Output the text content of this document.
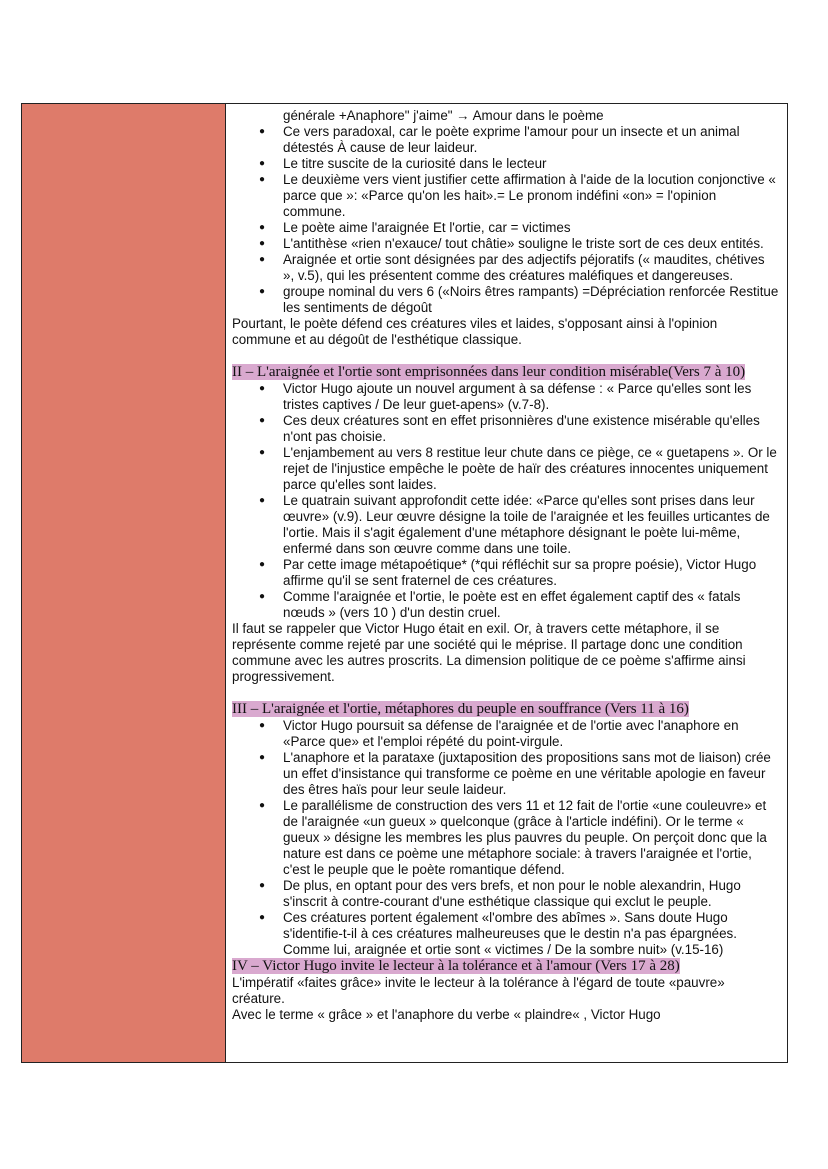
générale +Anaphore" j'aime" → Amour dans le poème
● Ce vers paradoxal, car le poète exprime l'amour pour un insecte et un animal détestés À cause de leur laideur.
● Le titre suscite de la curiosité dans le lecteur
● Le deuxième vers vient justifier cette affirmation à l'aide de la locution conjonctive « parce que »: «Parce qu'on les hait».= Le pronom indéfini «on» = l'opinion commune.
● Le poète aime l'araignée Et l'ortie, car = victimes
● L'antithèse «rien n'exauce/ tout châtie» souligne le triste sort de ces deux entités.
● Araignée et ortie sont désignées par des adjectifs péjoratifs (« maudites, chétives », v.5), qui les présentent comme des créatures maléfiques et dangereuses.
● groupe nominal du vers 6 («Noirs êtres rampants) =Dépréciation renforcée Restitue les sentiments de dégoût

Pourtant, le poète défend ces créatures viles et laides, s'opposant ainsi à l'opinion commune et au dégoût de l'esthétique classique.

II – L'araignée et l'ortie sont emprisonnées dans leur condition misérable(Vers 7 à 10)

● Victor Hugo ajoute un nouvel argument à sa défense : « Parce qu'elles sont les tristes captives / De leur guet-apens» (v.7-8).
● Ces deux créatures sont en effet prisonnières d'une existence misérable qu'elles n'ont pas choisie.
● L'enjambement au vers 8 restitue leur chute dans ce piège, ce « guetapens ». Or le rejet de l'injustice empêche le poète de haïr des créatures innocentes uniquement parce qu'elles sont laides.
● Le quatrain suivant approfondit cette idée: «Parce qu'elles sont prises dans leur œuvre» (v.9). Leur œuvre désigne la toile de l'araignée et les feuilles urticantes de l'ortie. Mais il s'agit également d'une métaphore désignant le poète lui-même, enfermé dans son œuvre comme dans une toile.
● Par cette image métapoétique* (*qui réfléchit sur sa propre poésie), Victor Hugo affirme qu'il se sent fraternel de ces créatures.
● Comme l'araignée et l'ortie, le poète est en effet également captif des « fatals nœuds » (vers 10 ) d'un destin cruel.

Il faut se rappeler que Victor Hugo était en exil. Or, à travers cette métaphore, il se représente comme rejeté par une société qui le méprise. Il partage donc une condition commune avec les autres proscrits. La dimension politique de ce poème s'affirme ainsi progressivement.

III – L'araignée et l'ortie, métaphores du peuple en souffrance (Vers 11 à 16)

● Victor Hugo poursuit sa défense de l'araignée et de l'ortie avec l'anaphore en «Parce que» et l'emploi répété du point-virgule.
● L'anaphore et la parataxe (juxtaposition des propositions sans mot de liaison) crée un effet d'insistance qui transforme ce poème en une véritable apologie en faveur des êtres haïs pour leur seule laideur.
● Le parallélisme de construction des vers 11 et 12 fait de l'ortie «une couleuvre» et de l'araignée «un gueux » quelconque (grâce à l'article indéfini). Or le terme « gueux » désigne les membres les plus pauvres du peuple. On perçoit donc que la nature est dans ce poème une métaphore sociale: à travers l'araignée et l'ortie, c'est le peuple que le poète romantique défend.
● De plus, en optant pour des vers brefs, et non pour le noble alexandrin, Hugo s'inscrit à contre-courant d'une esthétique classique qui exclut le peuple.
● Ces créatures portent également «l'ombre des abîmes ». Sans doute Hugo s'identifie-t-il à ces créatures malheureuses que le destin n'a pas épargnées. Comme lui, araignée et ortie sont « victimes / De la sombre nuit» (v.15-16)

IV – Victor Hugo invite le lecteur à la tolérance et à l'amour (Vers 17 à 28)

L'impératif «faites grâce» invite le lecteur à la tolérance à l'égard de toute «pauvre» créature.

Avec le terme « grâce » et l'anaphore du verbe « plaindre« , Victor Hugo
